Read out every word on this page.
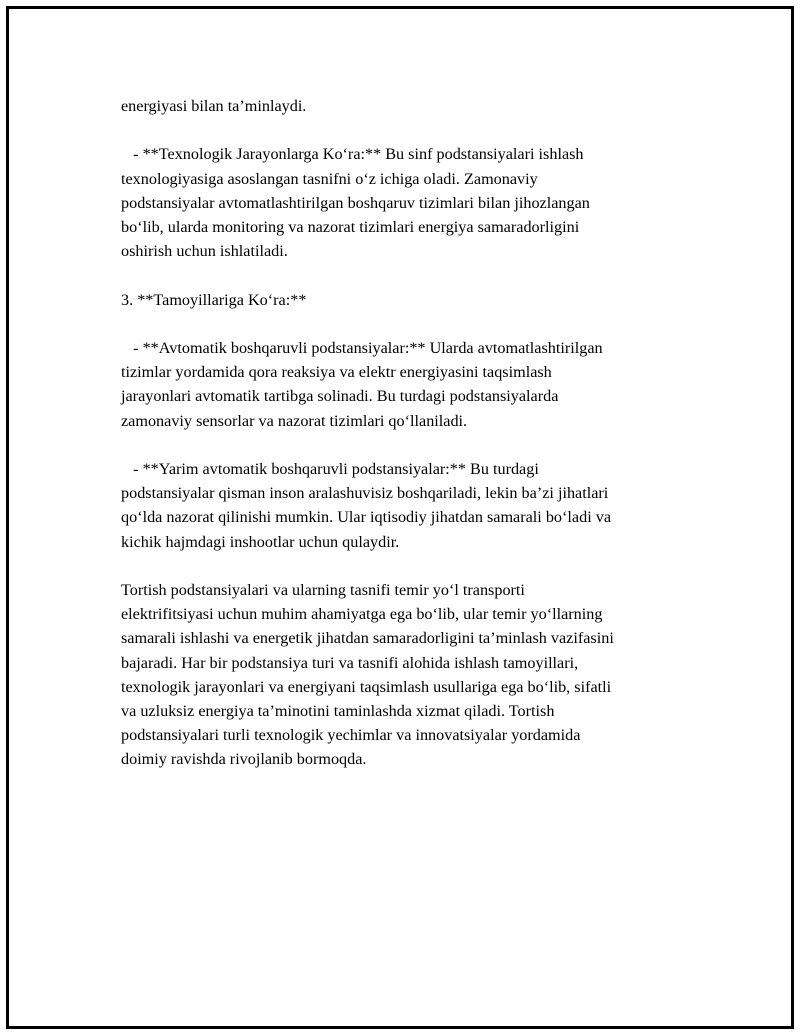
energiyasi bilan ta’minlaydi.

- **Texnologik Jarayonlarga Koʻra:** Bu sinf podstansiyalari ishlash
texnologiyasiga asoslangan tasnifni oʻz ichiga oladi. Zamonaviy
podstansiyalar avtomatlashtirilgan boshqaruv tizimlari bilan jihozlangan
boʻlib, ularda monitoring va nazorat tizimlari energiya samaradorligini
oshirish uchun ishlatiladi.

3. **Tamoyillariga Koʻra:**

- **Avtomatik boshqaruvli podstansiyalar:** Ularda avtomatlashtirilgan
tizimlar yordamida qora reaksiya va elektr energiyasini taqsimlash
jarayonlari avtomatik tartibga solinadi. Bu turdagi podstansiyalarda
zamonaviy sensorlar va nazorat tizimlari qoʻllaniladi.

- **Yarim avtomatik boshqaruvli podstansiyalar:** Bu turdagi
podstansiyalar qisman inson aralashuvisiz boshqariladi, lekin ba’zi jihatlari
qoʻlda nazorat qilinishi mumkin. Ular iqtisodiy jihatdan samarali boʻladi va
kichik hajmdagi inshootlar uchun qulaydir.

Tortish podstansiyalari va ularning tasnifi temir yoʻl transporti
elektrifitsiyasi uchun muhim ahamiyatga ega boʻlib, ular temir yoʻllarning
samarali ishlashi va energetik jihatdan samaradorligini ta’minlash vazifasini
bajaradi. Har bir podstansiya turi va tasnifi alohida ishlash tamoyillari,
texnologik jarayonlari va energiyani taqsimlash usullariga ega boʻlib, sifatli
va uzluksiz energiya ta’minotini taminlashda xizmat qiladi. Tortish
podstansiyalari turli texnologik yechimlar va innovatsiyalar yordamida
doimiy ravishda rivojlanib bormoqda.
